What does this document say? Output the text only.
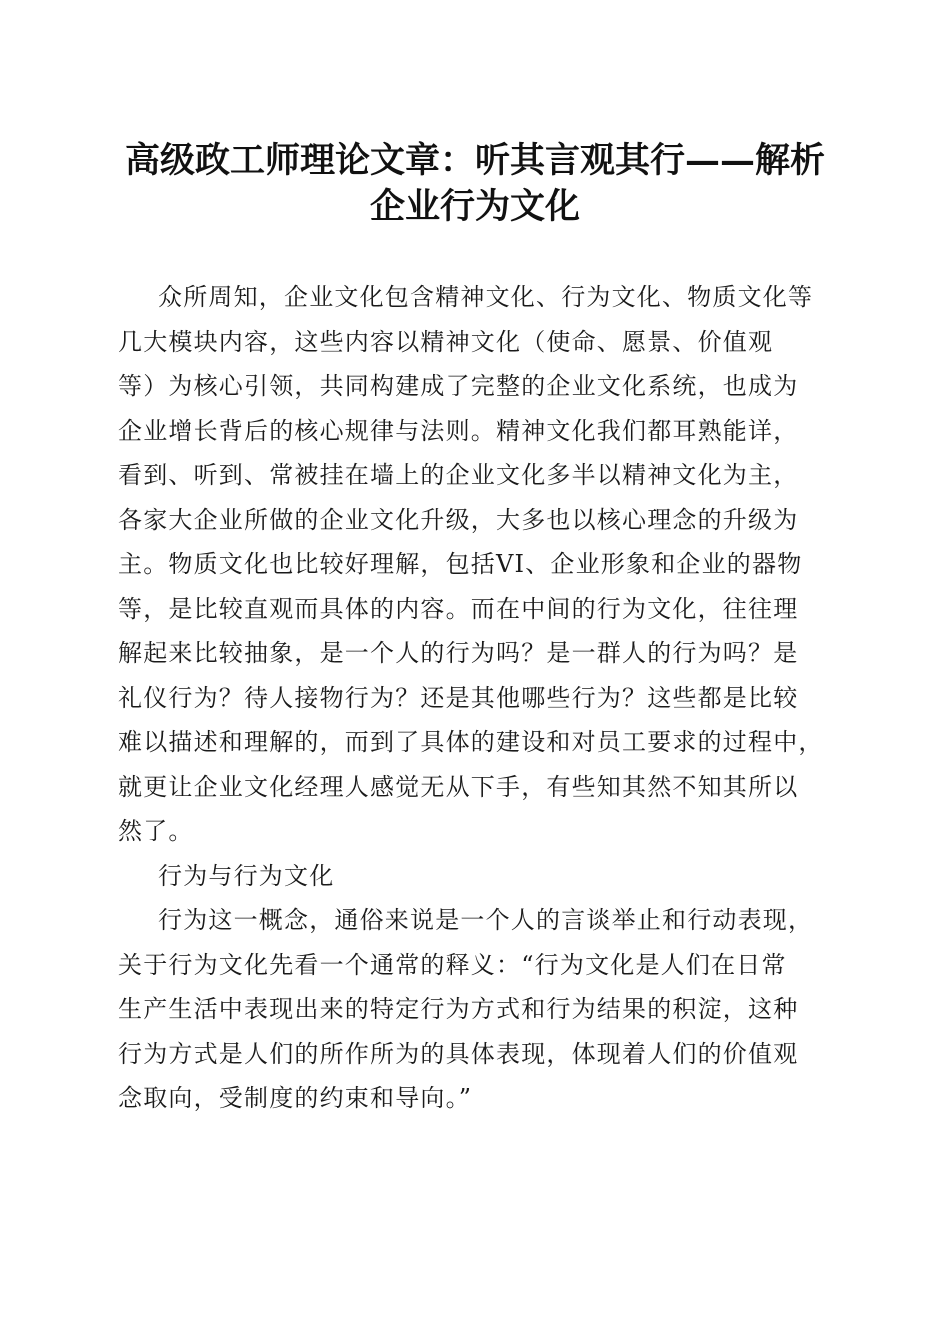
高级政工师理论文章：听其言观其行——解析
企业行为文化

众所周知，企业文化包含精神文化、行为文化、物质文化等
几大模块内容，这些内容以精神文化（使命、愿景、价值观
等）为核心引领，共同构建成了完整的企业文化系统，也成为
企业增长背后的核心规律与法则。精神文化我们都耳熟能详，
看到、听到、常被挂在墙上的企业文化多半以精神文化为主，
各家大企业所做的企业文化升级，大多也以核心理念的升级为
主。物质文化也比较好理解，包括VI、企业形象和企业的器物
等，是比较直观而具体的内容。而在中间的行为文化，往往理
解起来比较抽象，是一个人的行为吗？是一群人的行为吗？是
礼仪行为？待人接物行为？还是其他哪些行为？这些都是比较
难以描述和理解的，而到了具体的建设和对员工要求的过程中，
就更让企业文化经理人感觉无从下手，有些知其然不知其所以
然了。

行为与行为文化

行为这一概念，通俗来说是一个人的言谈举止和行动表现，
关于行为文化先看一个通常的释义：“行为文化是人们在日常
生产生活中表现出来的特定行为方式和行为结果的积淀，这种
行为方式是人们的所作所为的具体表现，体现着人们的价值观
念取向，受制度的约束和导向。”
